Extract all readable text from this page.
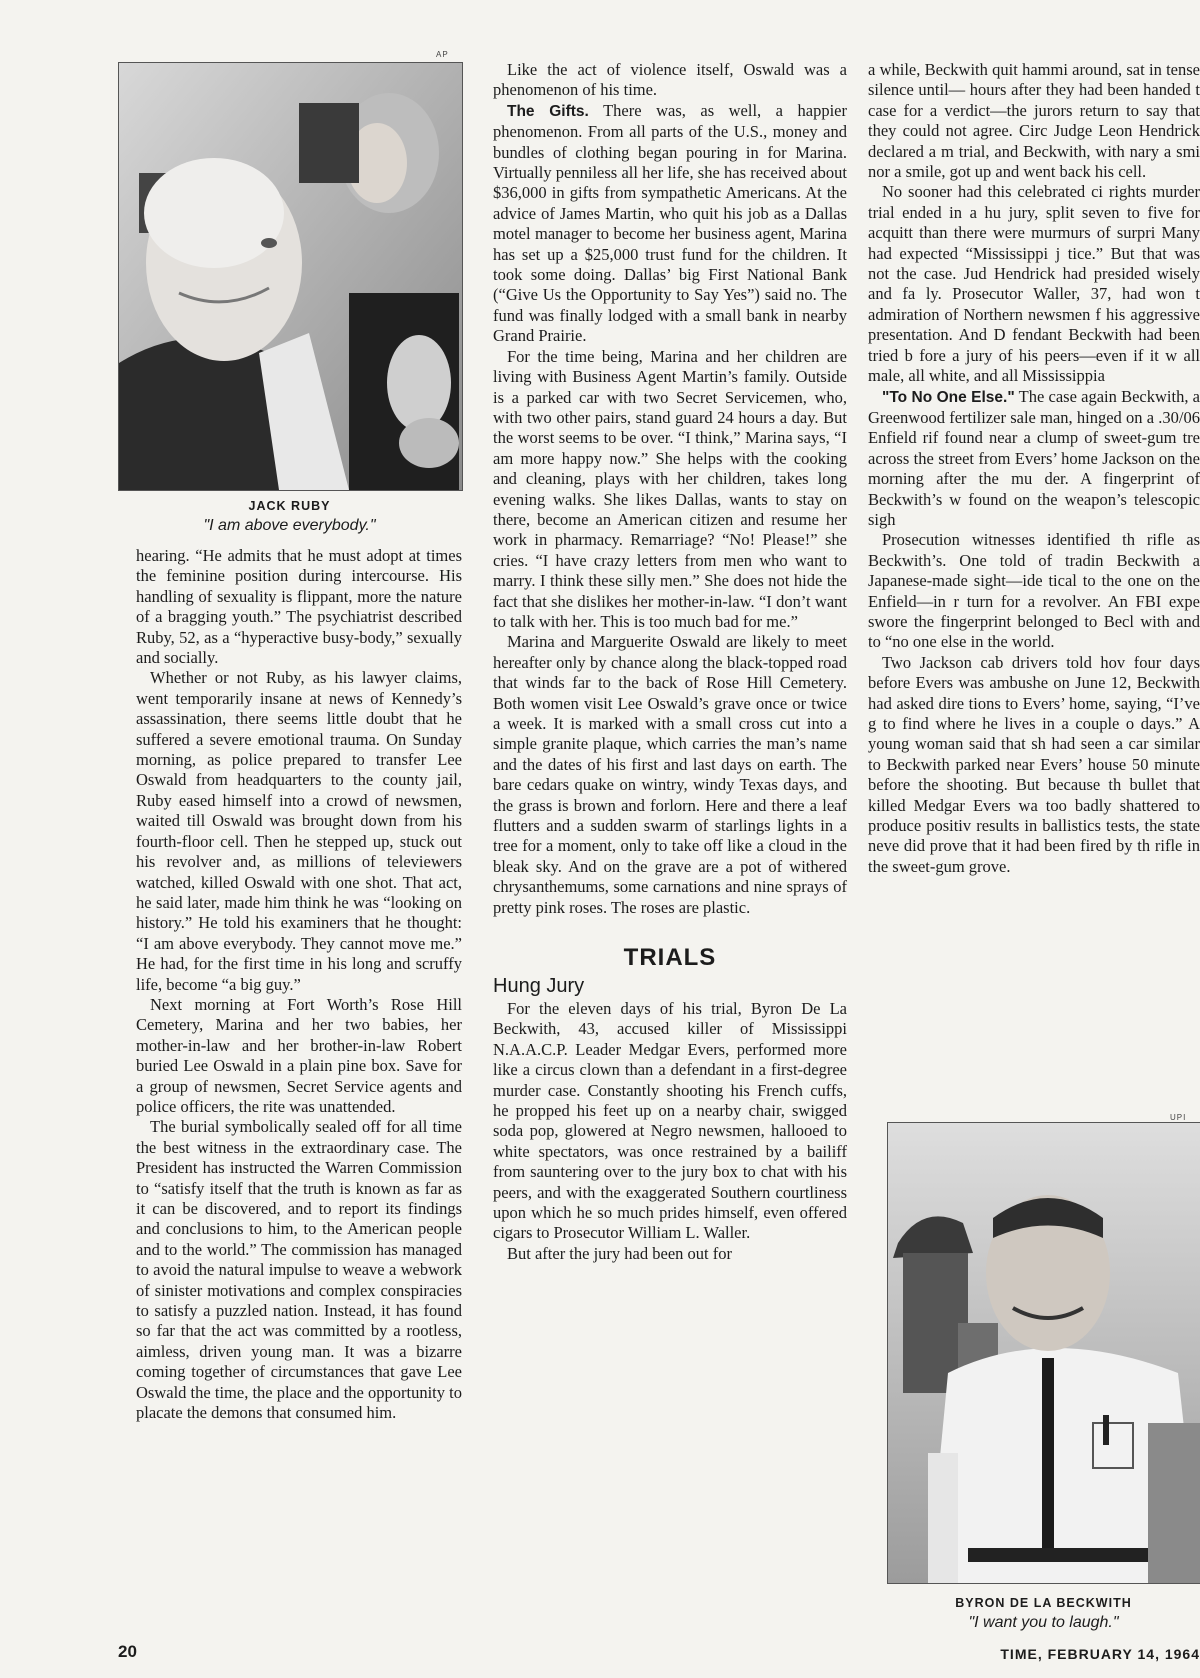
AP
JACK RUBY
"I am above everybody."

hearing. “He admits that he must adopt at times the feminine position during intercourse. His handling of sexuality is flippant, more the nature of a bragging youth.” The psychiatrist described Ruby, 52, as a “hyperactive busy-body,” sexually and socially.

Whether or not Ruby, as his lawyer claims, went temporarily insane at news of Kennedy’s assassination, there seems little doubt that he suffered a severe emotional trauma. On Sunday morning, as police prepared to transfer Lee Oswald from headquarters to the county jail, Ruby eased himself into a crowd of newsmen, waited till Oswald was brought down from his fourth-floor cell. Then he stepped up, stuck out his revolver and, as millions of televiewers watched, killed Oswald with one shot. That act, he said later, made him think he was “looking on history.” He told his examiners that he thought: “I am above everybody. They cannot move me.” He had, for the first time in his long and scruffy life, become “a big guy.”

Next morning at Fort Worth’s Rose Hill Cemetery, Marina and her two babies, her mother-in-law and her brother-in-law Robert buried Lee Oswald in a plain pine box. Save for a group of newsmen, Secret Service agents and police officers, the rite was unattended.

The burial symbolically sealed off for all time the best witness in the extraordinary case. The President has instructed the Warren Commission to “satisfy itself that the truth is known as far as it can be discovered, and to report its findings and conclusions to him, to the American people and to the world.” The commission has managed to avoid the natural impulse to weave a webwork of sinister motivations and complex conspiracies to satisfy a puzzled nation. Instead, it has found so far that the act was committed by a rootless, aimless, driven young man. It was a bizarre coming together of circumstances that gave Lee Oswald the time, the place and the opportunity to placate the demons that consumed him.

Like the act of violence itself, Oswald was a phenomenon of his time.

The Gifts. There was, as well, a happier phenomenon. From all parts of the U.S., money and bundles of clothing began pouring in for Marina. Virtually penniless all her life, she has received about $36,000 in gifts from sympathetic Americans. At the advice of James Martin, who quit his job as a Dallas motel manager to become her business agent, Marina has set up a $25,000 trust fund for the children. It took some doing. Dallas’ big First National Bank (“Give Us the Opportunity to Say Yes”) said no. The fund was finally lodged with a small bank in nearby Grand Prairie.

For the time being, Marina and her children are living with Business Agent Martin’s family. Outside is a parked car with two Secret Servicemen, who, with two other pairs, stand guard 24 hours a day. But the worst seems to be over. “I think,” Marina says, “I am more happy now.” She helps with the cooking and cleaning, plays with her children, takes long evening walks. She likes Dallas, wants to stay on there, become an American citizen and resume her work in pharmacy. Remarriage? “No! Please!” she cries. “I have crazy letters from men who want to marry. I think these silly men.” She does not hide the fact that she dislikes her mother-in-law. “I don’t want to talk with her. This is too much bad for me.”

Marina and Marguerite Oswald are likely to meet hereafter only by chance along the black-topped road that winds far to the back of Rose Hill Cemetery. Both women visit Lee Oswald’s grave once or twice a week. It is marked with a small cross cut into a simple granite plaque, which carries the man’s name and the dates of his first and last days on earth. The bare cedars quake on wintry, windy Texas days, and the grass is brown and forlorn. Here and there a leaf flutters and a sudden swarm of starlings lights in a tree for a moment, only to take off like a cloud in the bleak sky. And on the grave are a pot of withered chrysanthemums, some carnations and nine sprays of pretty pink roses. The roses are plastic.

TRIALS
Hung Jury

For the eleven days of his trial, Byron De La Beckwith, 43, accused killer of Mississippi N.A.A.C.P. Leader Medgar Evers, performed more like a circus clown than a defendant in a first-degree murder case. Constantly shooting his French cuffs, he propped his feet up on a nearby chair, swigged soda pop, glowered at Negro newsmen, hallooed to white spectators, was once restrained by a bailiff from sauntering over to the jury box to chat with his peers, and with the exaggerated Southern courtliness upon which he so much prides himself, even offered cigars to Prosecutor William L. Waller.

But after the jury had been out for

a while, Beckwith quit hammi around, sat in tense silence until— hours after they had been handed t case for a verdict—the jurors return to say that they could not agree. Circ Judge Leon Hendrick declared a m trial, and Beckwith, with nary a smi nor a smile, got up and went back his cell.

No sooner had this celebrated ci rights murder trial ended in a hu jury, split seven to five for acquitt than there were murmurs of surpri Many had expected “Mississippi j tice.” But that was not the case. Jud Hendrick had presided wisely and fa ly. Prosecutor Waller, 37, had won t admiration of Northern newsmen f his aggressive presentation. And D fendant Beckwith had been tried b fore a jury of his peers—even if it w all male, all white, and all Mississippia

"To No One Else." The case again Beckwith, a Greenwood fertilizer sale man, hinged on a .30/06 Enfield rif found near a clump of sweet-gum tre across the street from Evers’ home Jackson on the morning after the mu der. A fingerprint of Beckwith’s w found on the weapon’s telescopic sigh

Prosecution witnesses identified th rifle as Beckwith’s. One told of tradin Beckwith a Japanese-made sight—ide tical to the one on the Enfield—in r turn for a revolver. An FBI expe swore the fingerprint belonged to Becl with and to “no one else in the world.

Two Jackson cab drivers told hov four days before Evers was ambushe on June 12, Beckwith had asked dire tions to Evers’ home, saying, “I’ve g to find where he lives in a couple o days.” A young woman said that sh had seen a car similar to Beckwith parked near Evers’ house 50 minute before the shooting. But because th bullet that killed Medgar Evers wa too badly shattered to produce positiv results in ballistics tests, the state neve did prove that it had been fired by th rifle in the sweet-gum grove.

UPI
BYRON DE LA BECKWITH
"I want you to laugh."
20	TIME, FEBRUARY 14, 1964
